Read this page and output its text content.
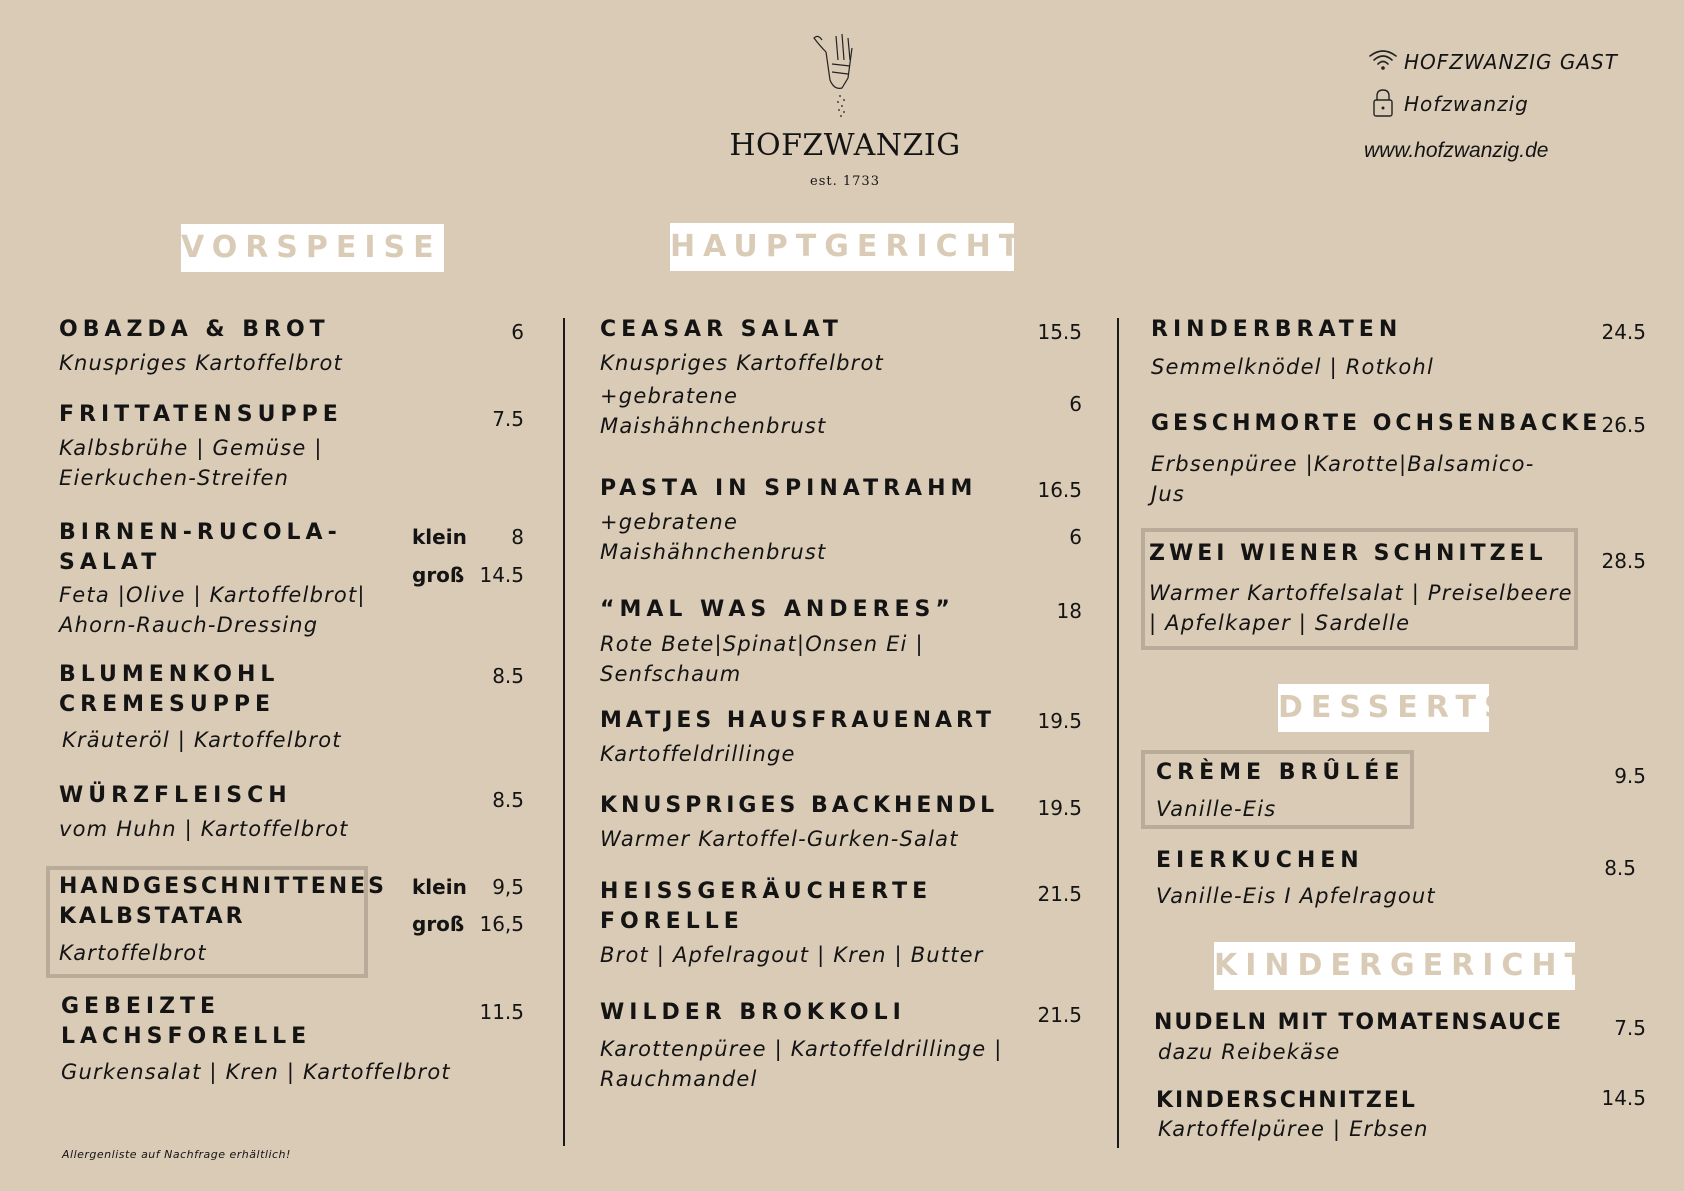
HOFZWANZIG
est. 1733
HOFZWANZIG GAST
Hofzwanzig
www.hofzwanzig.de
VORSPEISEN	HAUPTGERICHTE
DESSERTS
KINDERGERICHTE
OBAZDA & BROT
Knuspriges Kartoffelbrot
6
FRITTATENSUPPE
Kalbsbrühe | Gemüse |
Eierkuchen-Streifen
7.5
BIRNEN-RUCOLA-
SALAT
Feta |Olive | Kartoffelbrot|
Ahorn-Rauch-Dressing
klein	8
groß 14.5
BLUMENKOHL
CREMESUPPE
Kräuteröl | Kartoffelbrot
8.5
WÜRZFLEISCH
vom Huhn | Kartoffelbrot
8.5
HANDGESCHNITTENES
KALBSTATAR
Kartoffelbrot
klein	9,5
groß 16,5
GEBEIZTE
LACHSFORELLE
Gurkensalat | Kren | Kartoffelbrot
11.5
CEASAR SALAT
Knuspriges Kartoffelbrot
+gebratene
Maishähnchenbrust
15.5
6
PASTA IN SPINATRAHM
+gebratene
Maishähnchenbrust
16.5
6
“MAL WAS ANDERES”
Rote Bete|Spinat|Onsen Ei |
Senfschaum
18
MATJES HAUSFRAUENART
Kartoffeldrillinge
19.5
KNUSPRIGES BACKHENDL
Warmer Kartoffel-Gurken-Salat
19.5
HEISSGERÄUCHERTE
FORELLE
Brot | Apfelragout | Kren | Butter
21.5
WILDER BROKKOLI
Karottenpüree | Kartoffeldrillinge |
Rauchmandel
21.5
RINDERBRATEN
Semmelknödel | Rotkohl
24.5
GESCHMORTE OCHSENBACKE
Erbsenpüree |Karotte|Balsamico-
Jus
26.5
ZWEI WIENER SCHNITZEL
Warmer Kartoffelsalat | Preiselbeere
| Apfelkaper | Sardelle
28.5
CRÈME BRÛLÉE
Vanille-Eis
9.5
EIERKUCHEN
Vanille-Eis I Apfelragout
8.5
NUDELN MIT TOMATENSAUCE
dazu Reibekäse
7.5
KINDERSCHNITZEL
Kartoffelpüree | Erbsen
14.5
Allergenliste auf Nachfrage erhältlich!
